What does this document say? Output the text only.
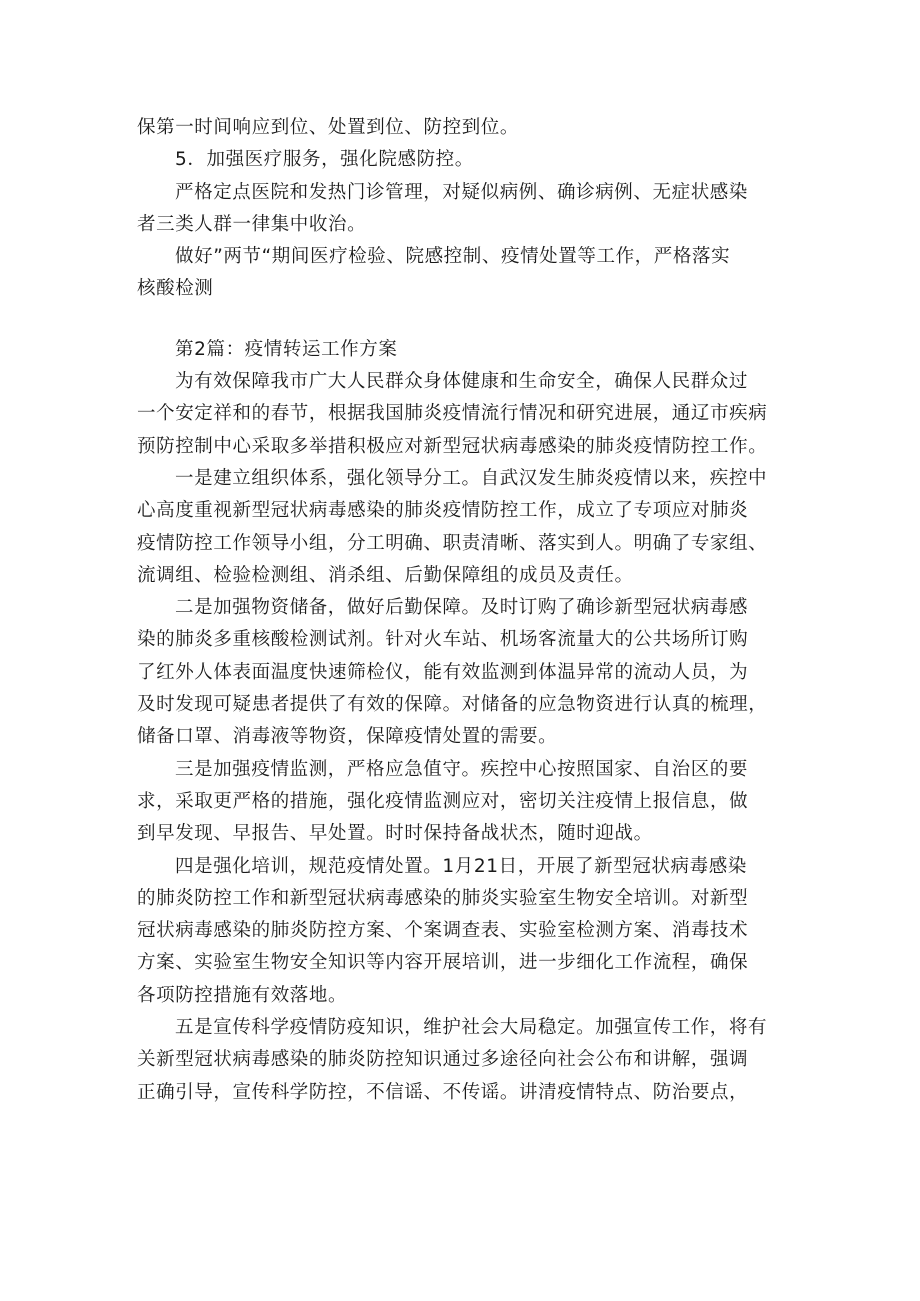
保第一时间响应到位、处置到位、防控到位。
5．加强医疗服务，强化院感防控。
严格定点医院和发热门诊管理，对疑似病例、确诊病例、无症状感染
者三类人群一律集中收治。
做好”两节“期间医疗检验、院感控制、疫情处置等工作，严格落实
核酸检测
第2篇：疫情转运工作方案
为有效保障我市广大人民群众身体健康和生命安全，确保人民群众过
一个安定祥和的春节，根据我国肺炎疫情流行情况和研究进展，通辽市疾病
预防控制中心采取多举措积极应对新型冠状病毒感染的肺炎疫情防控工作。
一是建立组织体系，强化领导分工。自武汉发生肺炎疫情以来，疾控中
心高度重视新型冠状病毒感染的肺炎疫情防控工作，成立了专项应对肺炎
疫情防控工作领导小组，分工明确、职责清晰、落实到人。明确了专家组、
流调组、检验检测组、消杀组、后勤保障组的成员及责任。
二是加强物资储备，做好后勤保障。及时订购了确诊新型冠状病毒感
染的肺炎多重核酸检测试剂。针对火车站、机场客流量大的公共场所订购
了红外人体表面温度快速筛检仪，能有效监测到体温异常的流动人员，为
及时发现可疑患者提供了有效的保障。对储备的应急物资进行认真的梳理，
储备口罩、消毒液等物资，保障疫情处置的需要。
三是加强疫情监测，严格应急值守。疾控中心按照国家、自治区的要
求，采取更严格的措施，强化疫情监测应对，密切关注疫情上报信息，做
到早发现、早报告、早处置。时时保持备战状杰，随时迎战。
四是强化培训，规范疫情处置。1月21日，开展了新型冠状病毒感染
的肺炎防控工作和新型冠状病毒感染的肺炎实验室生物安全培训。对新型
冠状病毒感染的肺炎防控方案、个案调查表、实验室检测方案、消毒技术
方案、实验室生物安全知识等内容开展培训，进一步细化工作流程，确保
各项防控措施有效落地。
五是宣传科学疫情防疫知识，维护社会大局稳定。加强宣传工作，将有
关新型冠状病毒感染的肺炎防控知识通过多途径向社会公布和讲解，强调
正确引导，宣传科学防控，不信谣、不传谣。讲清疫情特点、防治要点，
